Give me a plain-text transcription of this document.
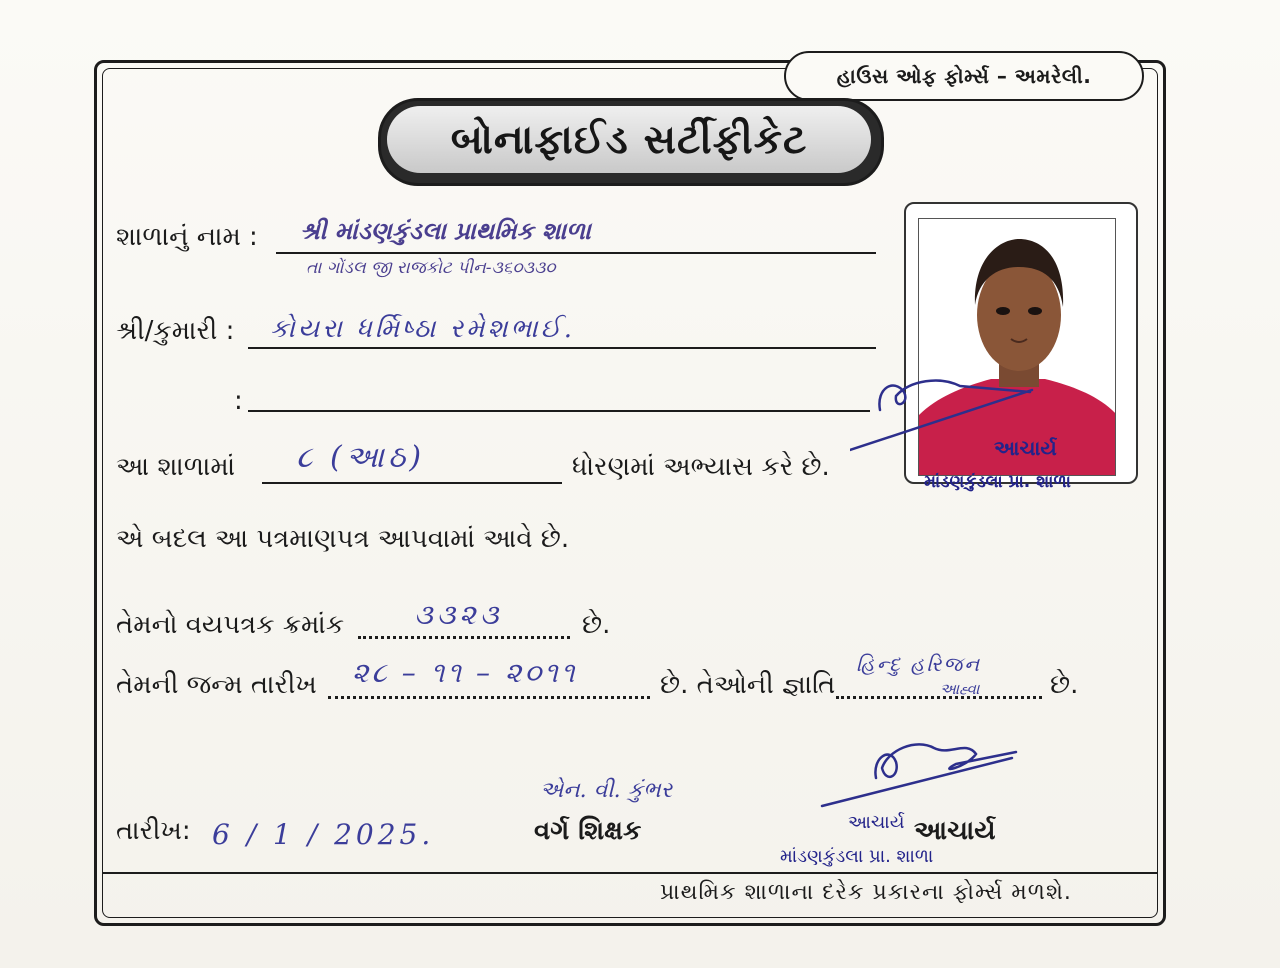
હાઉસ ઓફ ફોર્મ્સ – અમરેલી.
બોનાફાઈડ સર્ટીફીકેટ
શાળાનું નામ : શ્રી માંડણકુંડલા પ્રાથમિક શાળા
તા ગોંડલ જી રાજકોટ પીન-૩૬૦૩૩૦
શ્રી/કુમારી : કોયરા ધર્મિષ્ઠા રમેશભાઈ.
:
આ શાળામાં ૮ (આઠ)	ધોરણમાં અભ્યાસ કરે છે.
એ બદલ આ પત્રમાણપત્ર આપવામાં આવે છે.
તેમનો વયપત્રક ક્રમાંક ૩૩૨૩	છે.
તેમની જન્મ તારીખ ૨૮ – ૧૧ – ૨૦૧૧	છે. તેઓની જ્ઞાતિ
હિન્દુ હરિજન
આહ્વા	છે.
તારીખ: 6 / 1 / 2025.
એન. વી. કુંભર
વર્ગ શિક્ષક	આચાર્ય આચાર્ય
માંડણકુંડલા પ્રા. શાળા
પ્રાથમિક શાળાના દરેક પ્રકારના ફોર્મ્સ મળશે.
આચાર્ય
માંડણકુંડલા પ્રા. શાળા
